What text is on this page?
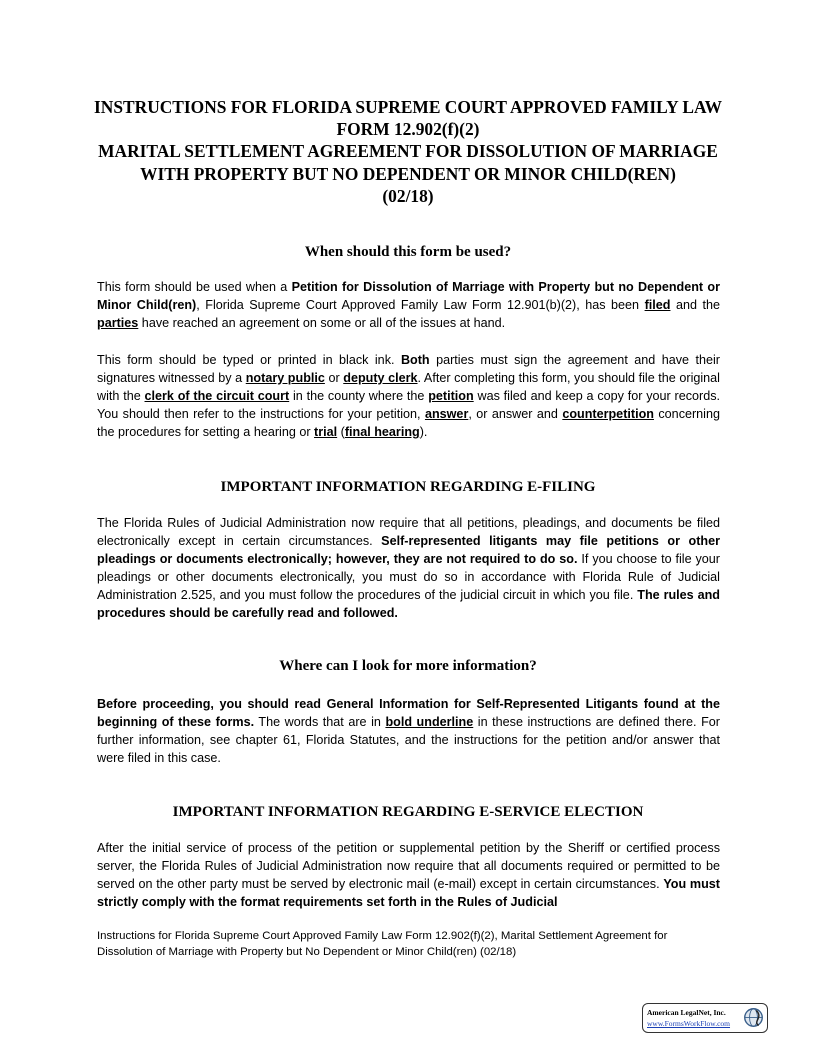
INSTRUCTIONS FOR FLORIDA SUPREME COURT APPROVED FAMILY LAW
FORM 12.902(f)(2)
MARITAL SETTLEMENT AGREEMENT FOR DISSOLUTION OF MARRIAGE
WITH PROPERTY BUT NO DEPENDENT OR MINOR CHILD(REN)
(02/18)
When should this form be used?

This form should be used when a Petition for Dissolution of Marriage with Property but no Dependent or Minor Child(ren), Florida Supreme Court Approved Family Law Form 12.901(b)(2), has been filed and the parties have reached an agreement on some or all of the issues at hand.

This form should be typed or printed in black ink. Both parties must sign the agreement and have their signatures witnessed by a notary public or deputy clerk. After completing this form, you should file the original with the clerk of the circuit court in the county where the petition was filed and keep a copy for your records. You should then refer to the instructions for your petition, answer, or answer and counterpetition concerning the procedures for setting a hearing or trial (final hearing).

IMPORTANT INFORMATION REGARDING E-FILING

The Florida Rules of Judicial Administration now require that all petitions, pleadings, and documents be filed electronically except in certain circumstances. Self-represented litigants may file petitions or other pleadings or documents electronically; however, they are not required to do so. If you choose to file your pleadings or other documents electronically, you must do so in accordance with Florida Rule of Judicial Administration 2.525, and you must follow the procedures of the judicial circuit in which you file. The rules and procedures should be carefully read and followed.

Where can I look for more information?

Before proceeding, you should read General Information for Self-Represented Litigants found at the beginning of these forms. The words that are in bold underline in these instructions are defined there. For further information, see chapter 61, Florida Statutes, and the instructions for the petition and/or answer that were filed in this case.

IMPORTANT INFORMATION REGARDING E-SERVICE ELECTION

After the initial service of process of the petition or supplemental petition by the Sheriff or certified process server, the Florida Rules of Judicial Administration now require that all documents required or permitted to be served on the other party must be served by electronic mail (e-mail) except in certain circumstances. You must strictly comply with the format requirements set forth in the Rules of Judicial

Instructions for Florida Supreme Court Approved Family Law Form 12.902(f)(2), Marital Settlement Agreement for
Dissolution of Marriage with Property but No Dependent or Minor Child(ren) (02/18)
American LegalNet, Inc.
www.FormsWorkFlow.com
